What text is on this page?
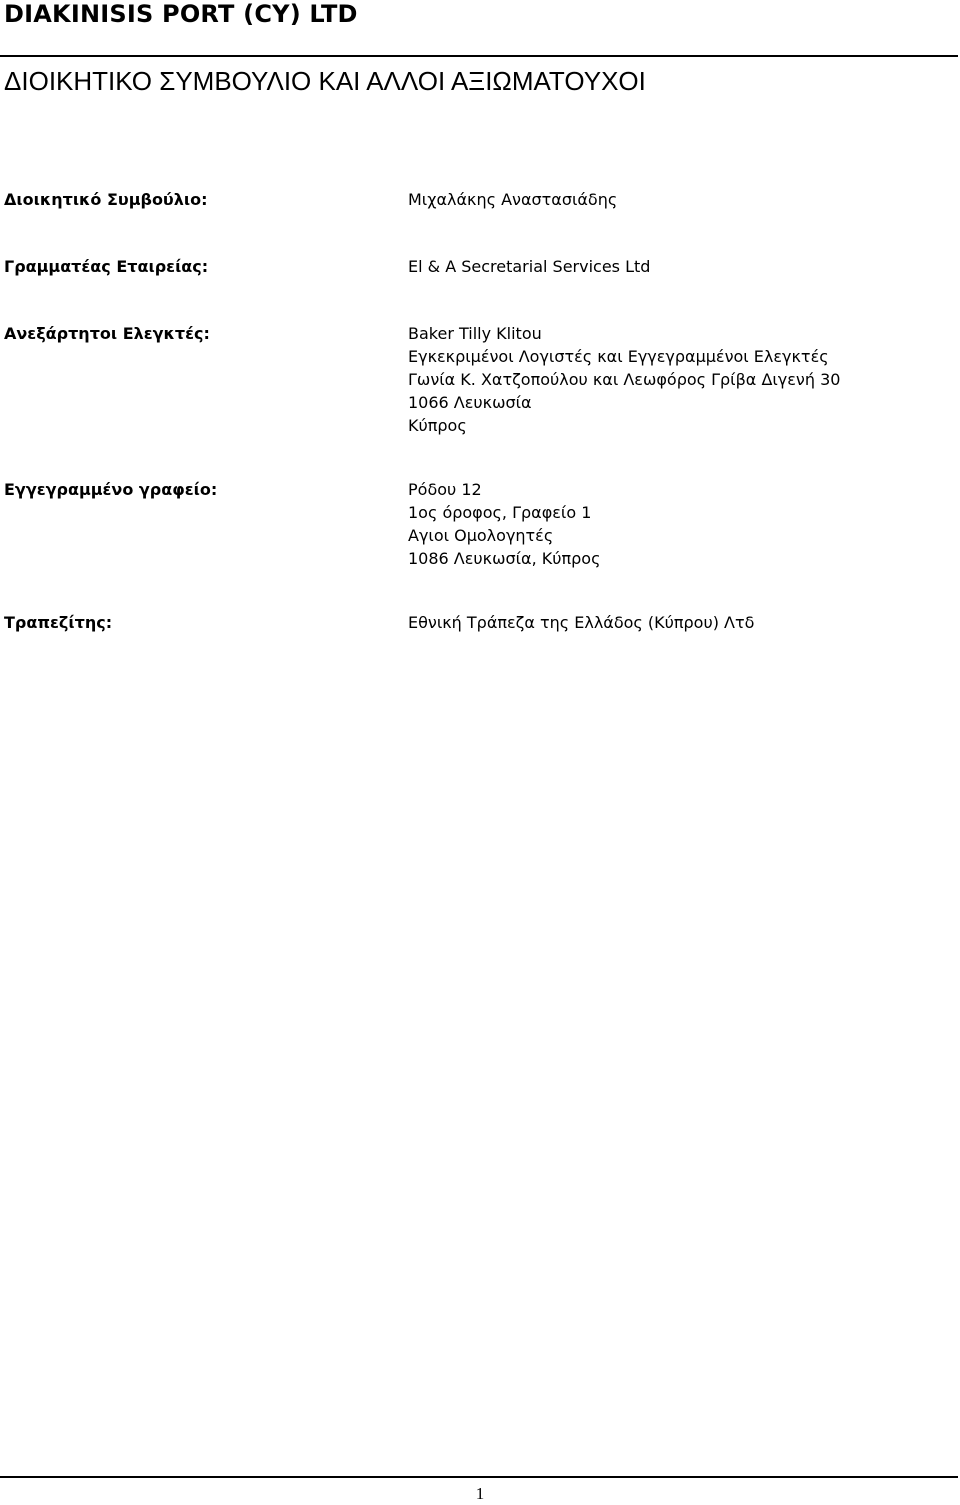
DIAKINISIS PORT (CY) LTD
ΔΙΟΙΚΗΤΙΚΟ ΣΥΜΒΟΥΛΙΟ ΚΑΙ ΑΛΛΟΙ ΑΞΙΩΜΑΤΟΥΧΟΙ
Διοικητικό Συμβούλιο:	Μιχαλάκης Αναστασιάδης
Γραμματέας Εταιρείας:	El & A Secretarial Services Ltd
Ανεξάρτητοι Ελεγκτές:	Baker Tilly Klitou
Εγκεκριμένοι Λογιστές και Εγγεγραμμένοι Ελεγκτές
Γωνία Κ. Χατζοπούλου και Λεωφόρος Γρίβα Διγενή 30
1066 Λευκωσία
Κύπρος
Εγγεγραμμένο γραφείο:	Ρόδου 12
1ος όροφος, Γραφείο 1
Αγιοι Ομολογητές
1086 Λευκωσία, Κύπρος
Τραπεζίτης:	Εθνική Τράπεζα της Ελλάδος (Κύπρου) Λτδ
1
